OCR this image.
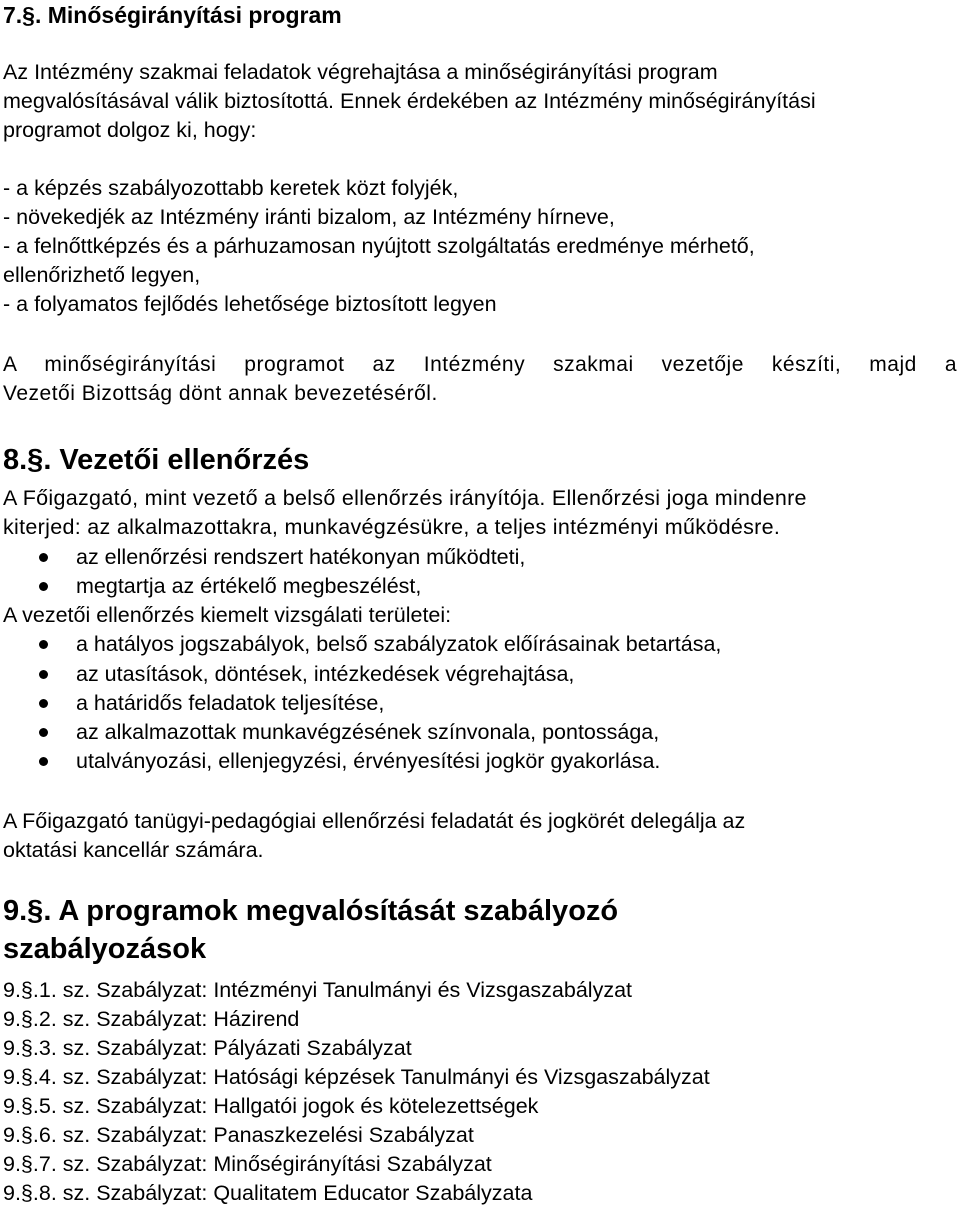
7.§. Minőségirányítási program
Az Intézmény szakmai feladatok végrehajtása a minőségirányítási program
megvalósításával válik biztosítottá. Ennek érdekében az Intézmény minőségirányítási
programot dolgoz ki, hogy:
- a képzés szabályozottabb keretek közt folyjék,
- növekedjék az Intézmény iránti bizalom, az Intézmény hírneve,
- a felnőttképzés és a párhuzamosan nyújtott szolgáltatás eredménye mérhető,
ellenőrizhető legyen,
- a folyamatos fejlődés lehetősége biztosított legyen
A minőségirányítási programot az Intézmény szakmai vezetője készíti, majd a
Vezetői Bizottság dönt annak bevezetéséről.
8.§. Vezetői ellenőrzés
A Főigazgató, mint vezető a belső ellenőrzés irányítója. Ellenőrzési joga mindenre
kiterjed: az alkalmazottakra, munkavégzésükre, a teljes intézményi működésre.
az ellenőrzési rendszert hatékonyan működteti,
megtartja az értékelő megbeszélést,
A vezetői ellenőrzés kiemelt vizsgálati területei:
a hatályos jogszabályok, belső szabályzatok előírásainak betartása,
az utasítások, döntések, intézkedések végrehajtása,
a határidős feladatok teljesítése,
az alkalmazottak munkavégzésének színvonala, pontossága,
utalványozási, ellenjegyzési, érvényesítési jogkör gyakorlása.
A Főigazgató tanügyi-pedagógiai ellenőrzési feladatát és jogkörét delegálja az
oktatási kancellár számára.
9.§. A programok megvalósítását szabályozó
szabályozások
9.§.1. sz. Szabályzat: Intézményi Tanulmányi és Vizsgaszabályzat
9.§.2. sz. Szabályzat: Házirend
9.§.3. sz. Szabályzat: Pályázati Szabályzat
9.§.4. sz. Szabályzat: Hatósági képzések Tanulmányi és Vizsgaszabályzat
9.§.5. sz. Szabályzat: Hallgatói jogok és kötelezettségek
9.§.6. sz. Szabályzat: Panaszkezelési Szabályzat
9.§.7. sz. Szabályzat: Minőségirányítási Szabályzat
9.§.8. sz. Szabályzat: Qualitatem Educator Szabályzata
